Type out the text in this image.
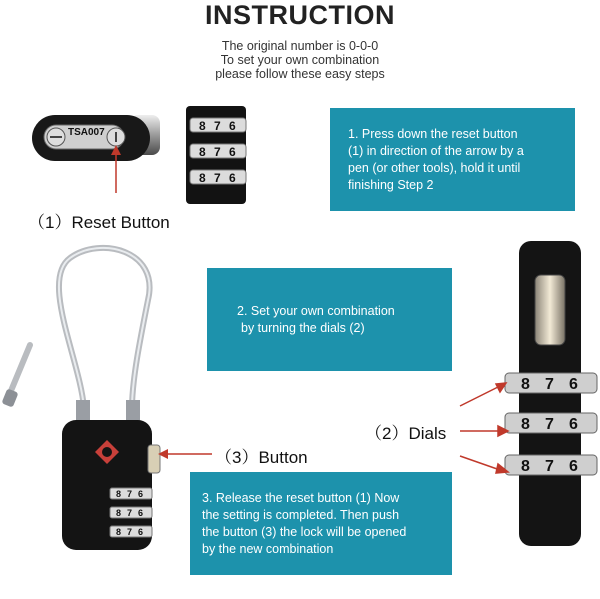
INSTRUCTION
The original number is 0-0-0
To set your own combination
please follow these easy steps
1. Press down the reset button
(1) in direction of the arrow by a
pen (or other tools), hold it until
finishing Step 2
2. Set your own combination
by turning the dials (2)
3. Release the reset button (1) Now
the setting is completed. Then push
the button (3) the lock will be opened
by the new combination
（1）Reset Button
（3）Button
（2）Dials
TSA007	8 7 6
8 7 6
8 7 6
8 7 6
8 7 6
8 7 6
8 7 6
8 7 6
8 7 6
